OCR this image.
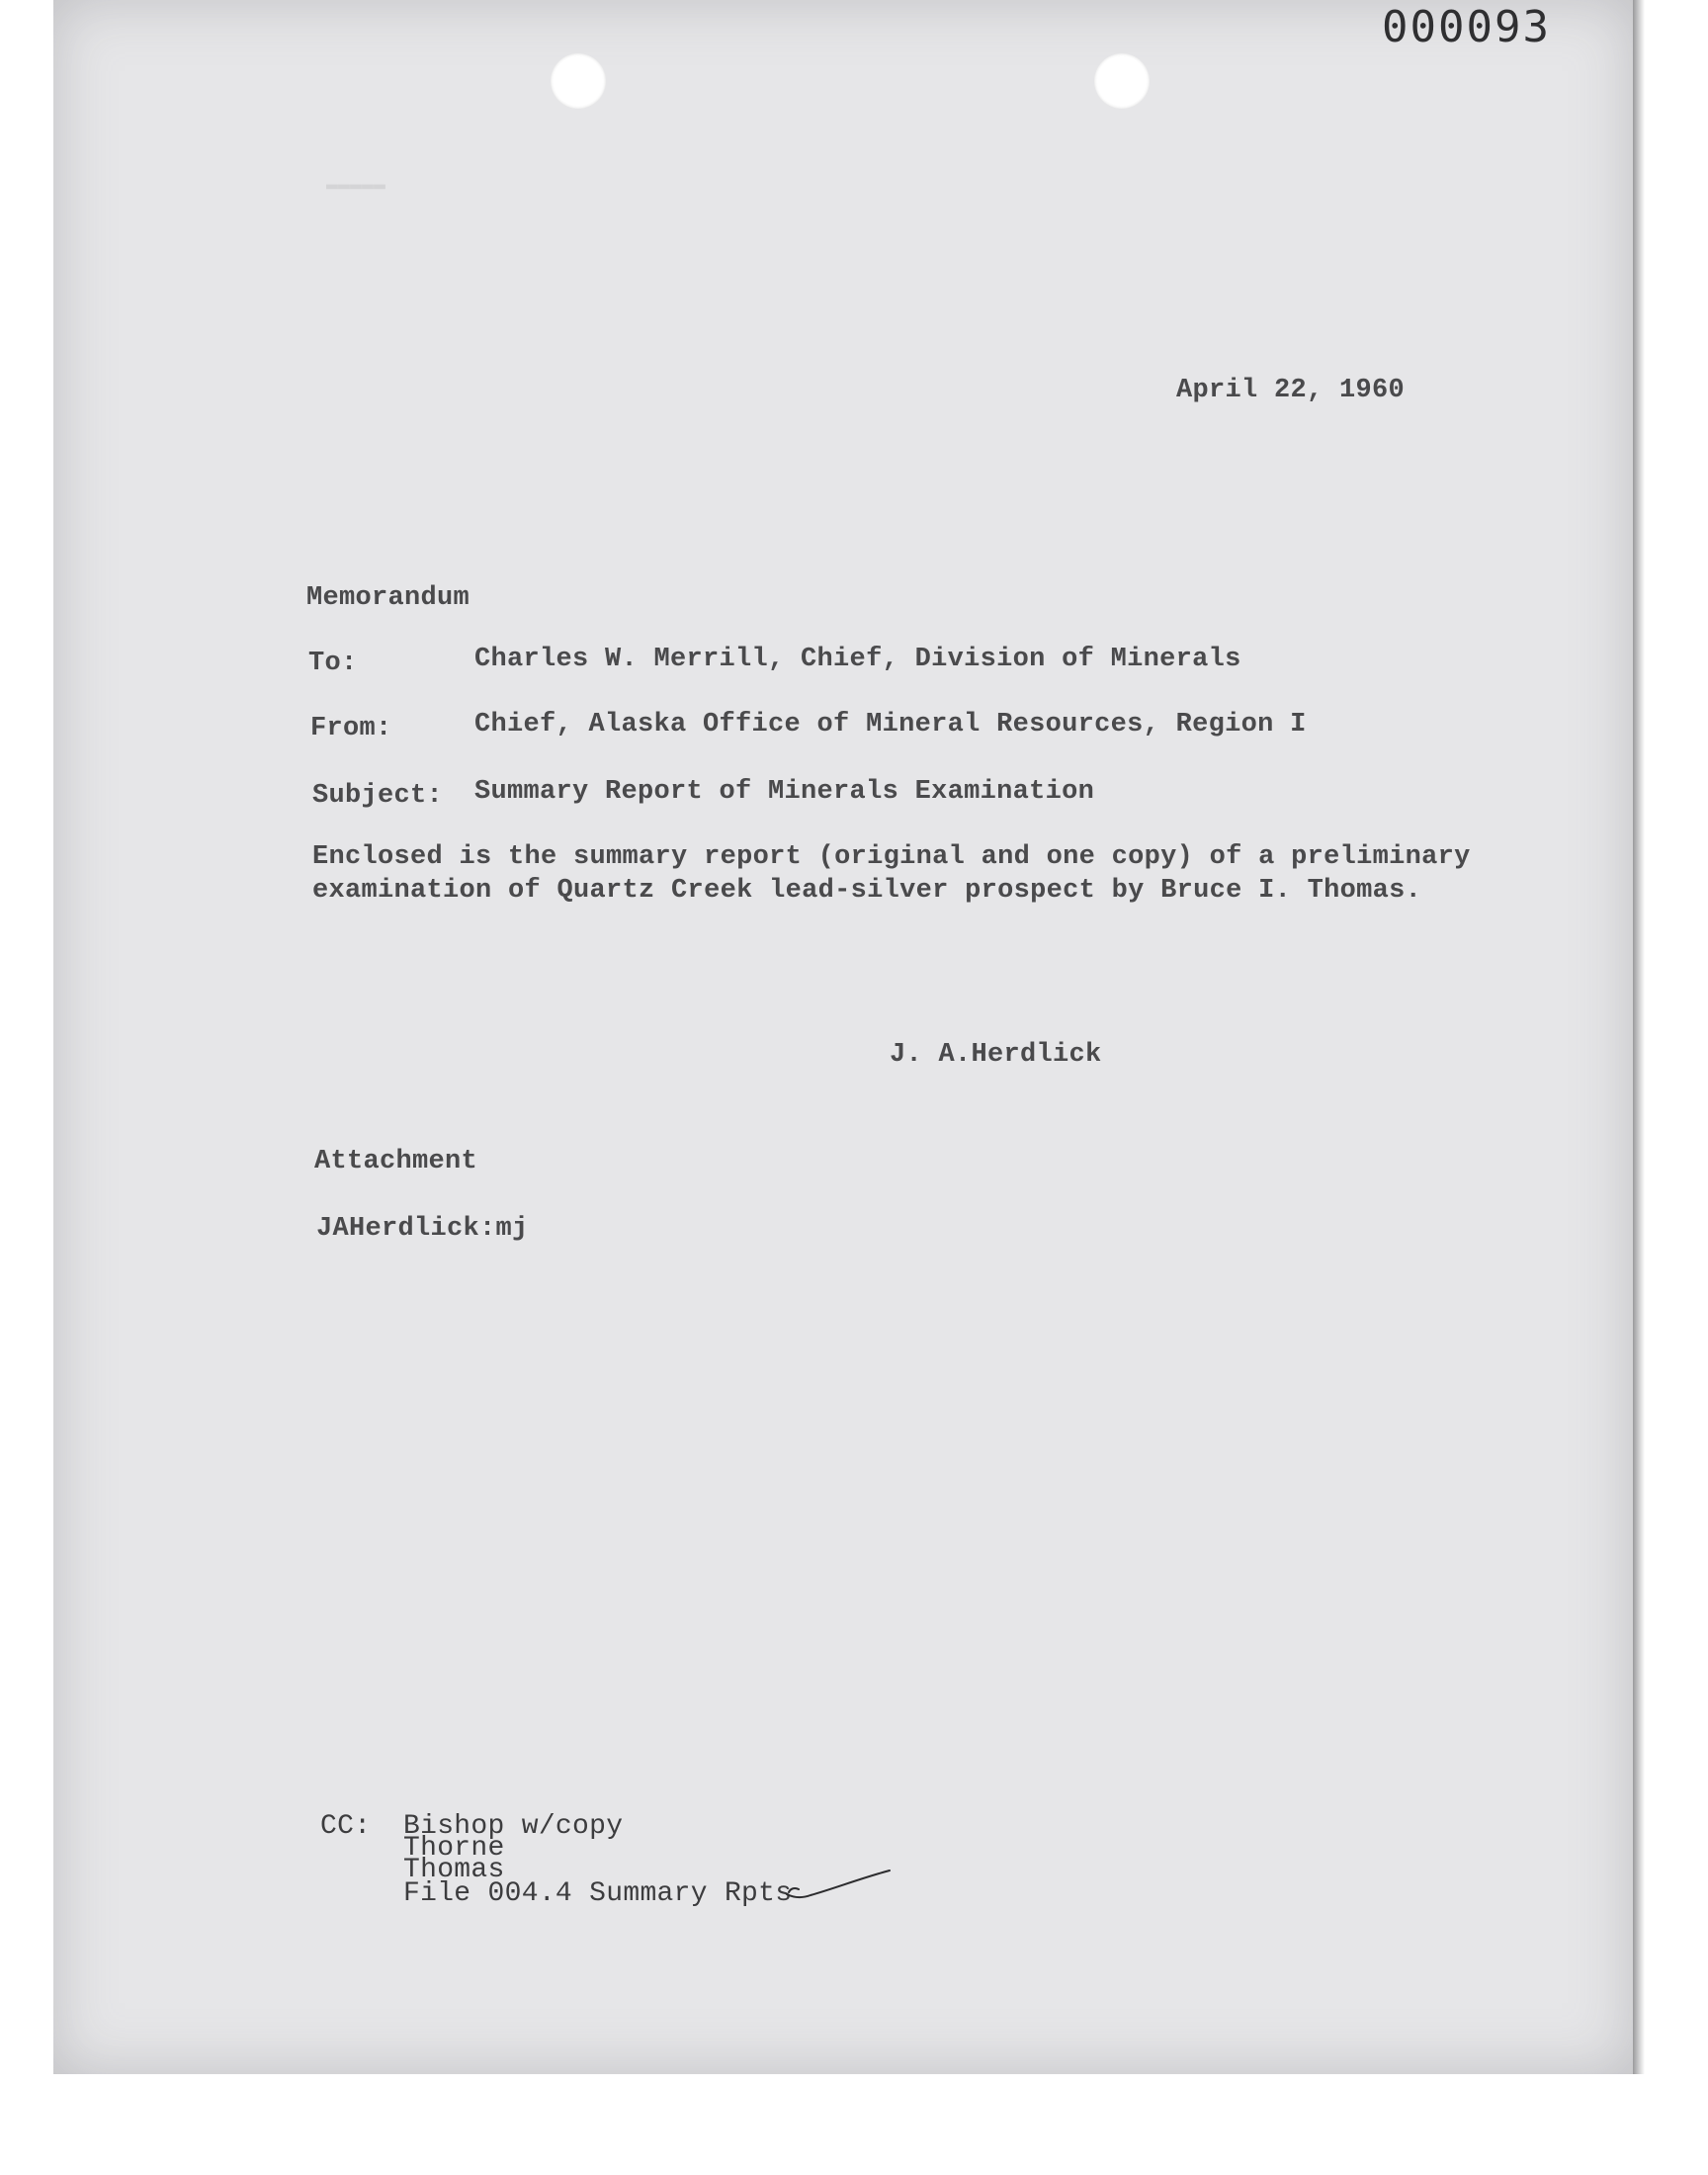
000093
▬▬▬▬▬
April 22, 1960
Memorandum
To:	Charles W. Merrill, Chief, Division of Minerals
From:	Chief, Alaska Office of Mineral Resources, Region I
Subject: Summary Report of Minerals Examination
Enclosed is the summary report (original and one copy) of a preliminary
examination of Quartz Creek lead-silver prospect by Bruce I. Thomas.
J. A.Herdlick
Attachment
JAHerdlick:mj
CC: Bishop w/copy
Thorne
Thomas
File 004.4 Summary Rpts
